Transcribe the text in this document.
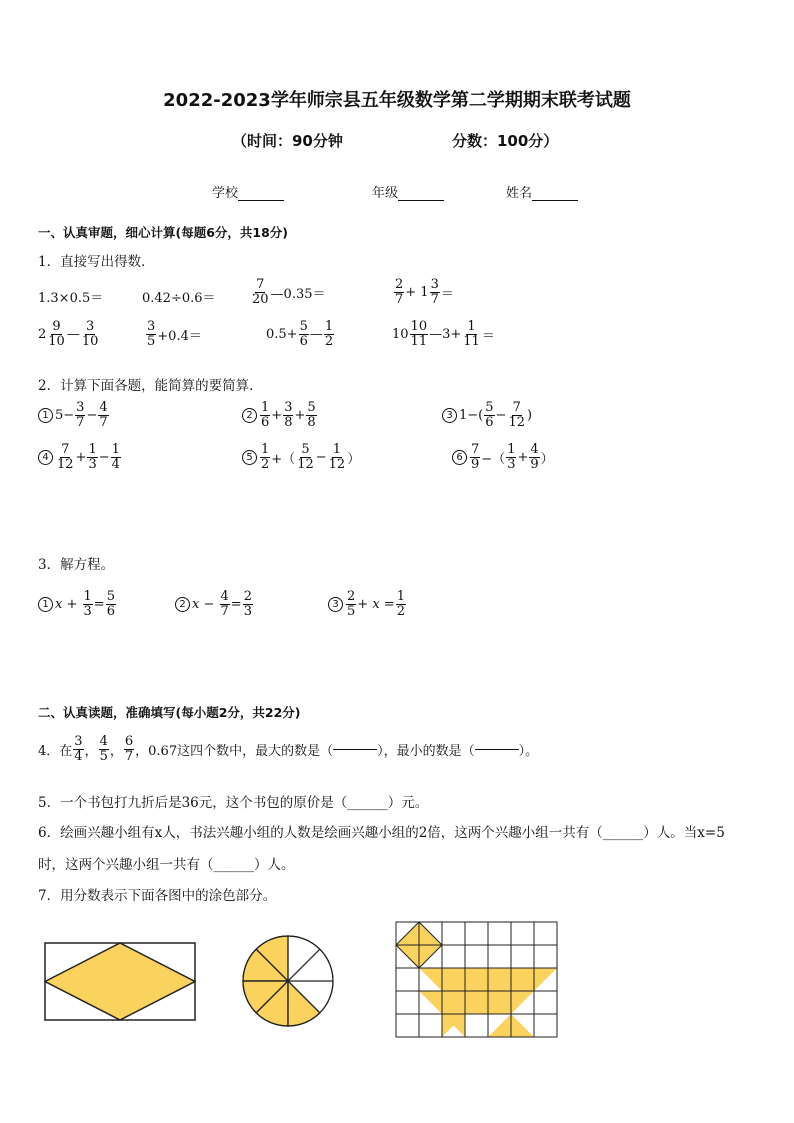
2022-2023学年师宗县五年级数学第二学期期末联考试题
（时间：90分钟	分数：100分）
学校	年级	姓名
一、认真审题，细心计算(每题6分，共18分)
1．直接写出得数．
1.3×0.5＝	0.42÷0.6＝	$\frac{7}{20}$ —0.35＝	$\frac{2}{7} + 1 \frac{3}{7}$ ＝
$2 \frac{9}{10}$ — $\frac{3}{10}$	$\frac{3}{5} +0.4=$	$0.5+ \frac{5}{6}$ — $\frac{1}{2}$	$10 \frac{10}{11}$ —3+ $\frac{1}{11}$ ＝
2．计算下面各题，能简算的要简算．
1 $5- \frac{3}{7} - \frac{4}{7}$	$2 \frac{1}{6} + \frac{3}{8} + \frac{5}{8}$	3 $1-( \frac{5}{6} - \frac{7}{12}$ )
$4 \frac{7}{12} + \frac{1}{3} - \frac{1}{4}$	$5 \frac{1}{2}$ +（ $\frac{5}{12} - \frac{1}{12}$ ）	$6 \frac{7}{9}$ −（ $\frac{1}{3} + \frac{4}{9}$ ）
3．解方程。
1 $x + \frac{1}{3} = \frac{5}{6}$	2 $x - \frac{4}{7} = \frac{2}{3}$	$3 \frac{2}{5} + x = \frac{1}{2}$
二、认真读题，准确填写(每小题2分，共22分)
4．在 $\frac{3}{4}$ ， $\frac{4}{5}$ ， $\frac{6}{7}$ ，0.67这四个数中，最大的数是（	），最小的数是（	）。
5．一个书包打九折后是36元，这个书包的原价是（______）元。
6．绘画兴趣小组有x人，书法兴趣小组的人数是绘画兴趣小组的2倍，这两个兴趣小组一共有（______）人。当x=5
时，这两个兴趣小组一共有（______）人。
7．用分数表示下面各图中的涂色部分。
